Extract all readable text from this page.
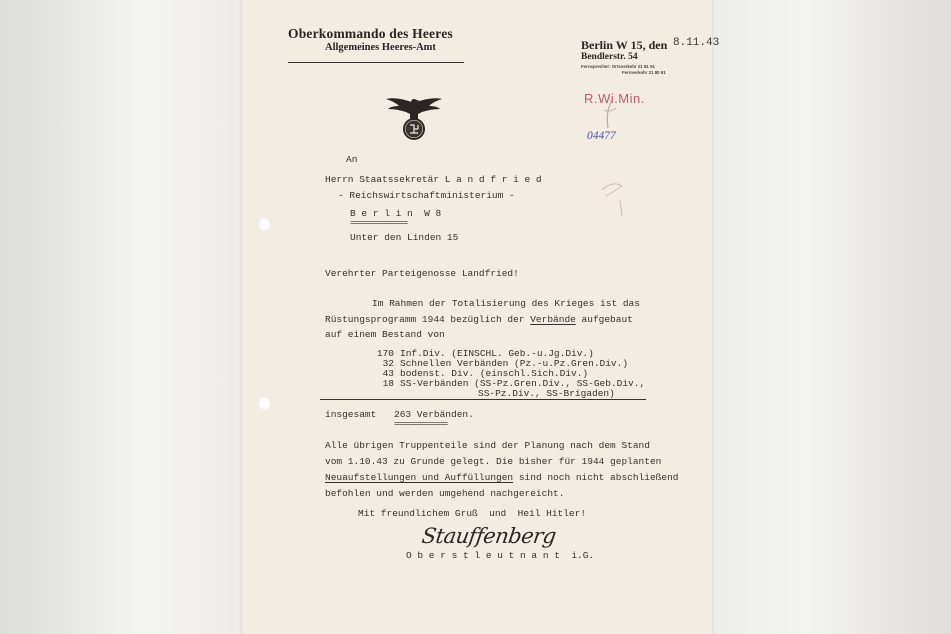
Oberkommando des Heeres
Allgemeines Heeres-Amt	Berlin W 15, den 8.11.43
Bendlerstr. 54
Fernsprecher: Ortsverkehr 21 81 91
Fernverkehr 21 80 91

R.Wi.Min.
04477

An
Herrn Staatssekretär L a n d f r i e d
- Reichswirtschaftministerium -
B e r l i n  W 8
===============
Unter den Linden 15
Verehrter Parteigenosse Landfried!
Im Rahmen der Totalisierung des Krieges ist das
Rüstungsprogramm 1944 bezüglich der Verbände aufgebaut
auf einem Bestand von
170 Inf.Div. (EINSCHL. Geb.-u.Jg.Div.)
32 Schnellen Verbänden (Pz.-u.Pz.Gren.Div.)
43 bodenst. Div. (einschl.Sich.Div.)
18 SS-Verbänden (SS-Pz.Gren.Div., SS-Geb.Div.,
SS-Pz.Div., SS-Brigaden)
insgesamt 263 Verbänden.
==============
Alle übrigen Truppenteile sind der Planung nach dem Stand
vom 1.10.43 zu Grunde gelegt. Die bisher für 1944 geplanten
Neuaufstellungen und Auffüllungen sind noch nicht abschließend
befohlen und werden umgehend nachgereicht.
Mit freundlichem Gruß  und  Heil Hitler!
Stauffenberg
O b e r s t l e u t n a n t  i.G.
